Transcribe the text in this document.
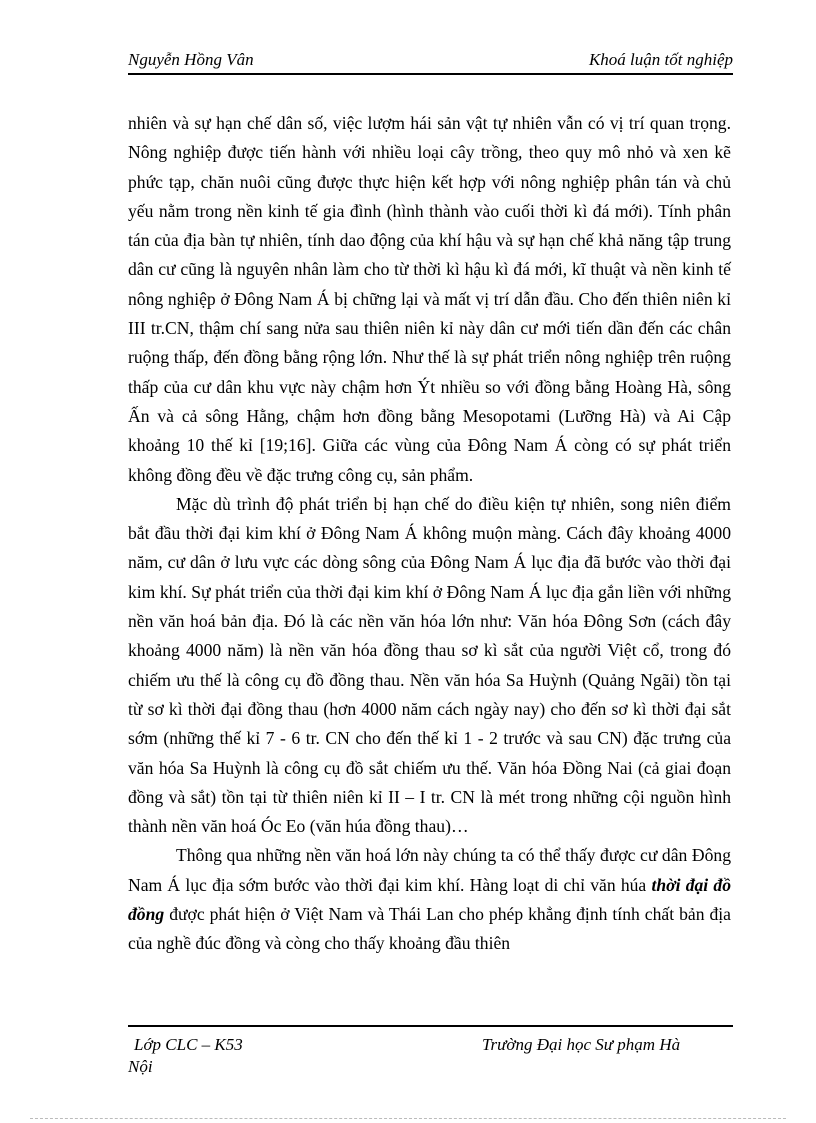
Nguyễn Hồng Vân	Khoá luận tốt nghiệp

nhiên và sự hạn chế dân số, việc lượm hái sản vật tự nhiên vẫn có vị trí quan trọng. Nông nghiệp được tiến hành với nhiều loại cây trồng, theo quy mô nhỏ và xen kẽ phức tạp, chăn nuôi cũng được thực hiện kết hợp với nông nghiệp phân tán và chủ yếu nằm trong nền kinh tế gia đình (hình thành vào cuối thời kì đá mới). Tính phân tán của địa bàn tự nhiên, tính dao động của khí hậu và sự hạn chế khả năng tập trung dân cư cũng là nguyên nhân làm cho từ thời kì hậu kì đá mới, kĩ thuật và nền kinh tế nông nghiệp ở Đông Nam Á bị chững lại và mất vị trí dẫn đầu. Cho đến thiên niên kỉ III tr.CN, thậm chí sang nửa sau thiên niên kỉ này dân cư mới tiến dần đến các chân ruộng thấp, đến đồng bằng rộng lớn. Như thế là sự phát triển nông nghiệp trên ruộng thấp của cư dân khu vực này chậm hơn Ýt nhiều so với đồng bằng Hoàng Hà, sông Ấn và cả sông Hằng, chậm hơn đồng bằng Mesopotami (Lưỡng Hà) và Ai Cập khoảng 10 thế kỉ [19;16]. Giữa các vùng của Đông Nam Á còng có sự phát triển không đồng đều về đặc trưng công cụ, sản phẩm.

Mặc dù trình độ phát triển bị hạn chế do điều kiện tự nhiên, song niên điểm bắt đầu thời đại kim khí ở Đông Nam Á không muộn màng. Cách đây khoảng 4000 năm, cư dân ở lưu vực các dòng sông của Đông Nam Á lục địa đã bước vào thời đại kim khí. Sự phát triển của thời đại kim khí ở Đông Nam Á lục địa gắn liền với những nền văn hoá bản địa. Đó là các nền văn hóa lớn như: Văn hóa Đông Sơn (cách đây khoảng 4000 năm) là nền văn hóa đồng thau sơ kì sắt của người Việt cổ, trong đó chiếm ưu thế là công cụ đồ đồng thau. Nền văn hóa Sa Huỳnh (Quảng Ngãi) tồn tại từ sơ kì thời đại đồng thau (hơn 4000 năm cách ngày nay) cho đến sơ kì thời đại sắt sớm (những thế kỉ 7 - 6 tr. CN cho đến thế kỉ 1 - 2 trước và sau CN) đặc trưng của văn hóa Sa Huỳnh là công cụ đồ sắt chiếm ưu thế. Văn hóa Đồng Nai (cả giai đoạn đồng và sắt) tồn tại từ thiên niên kỉ II – I tr. CN là mét trong những cội nguồn hình thành nền văn hoá Óc Eo (văn húa đồng thau)…

Thông qua những nền văn hoá lớn này chúng ta có thể thấy được cư dân Đông Nam Á lục địa sớm bước vào thời đại kim khí. Hàng loạt di chỉ văn húa thời đại đồ đồng được phát hiện ở Việt Nam và Thái Lan cho phép khẳng định tính chất bản địa của nghề đúc đồng và còng cho thấy khoảng đầu thiên

Lớp CLC – K53	Trường Đại học Sư phạm Hà
Nội
